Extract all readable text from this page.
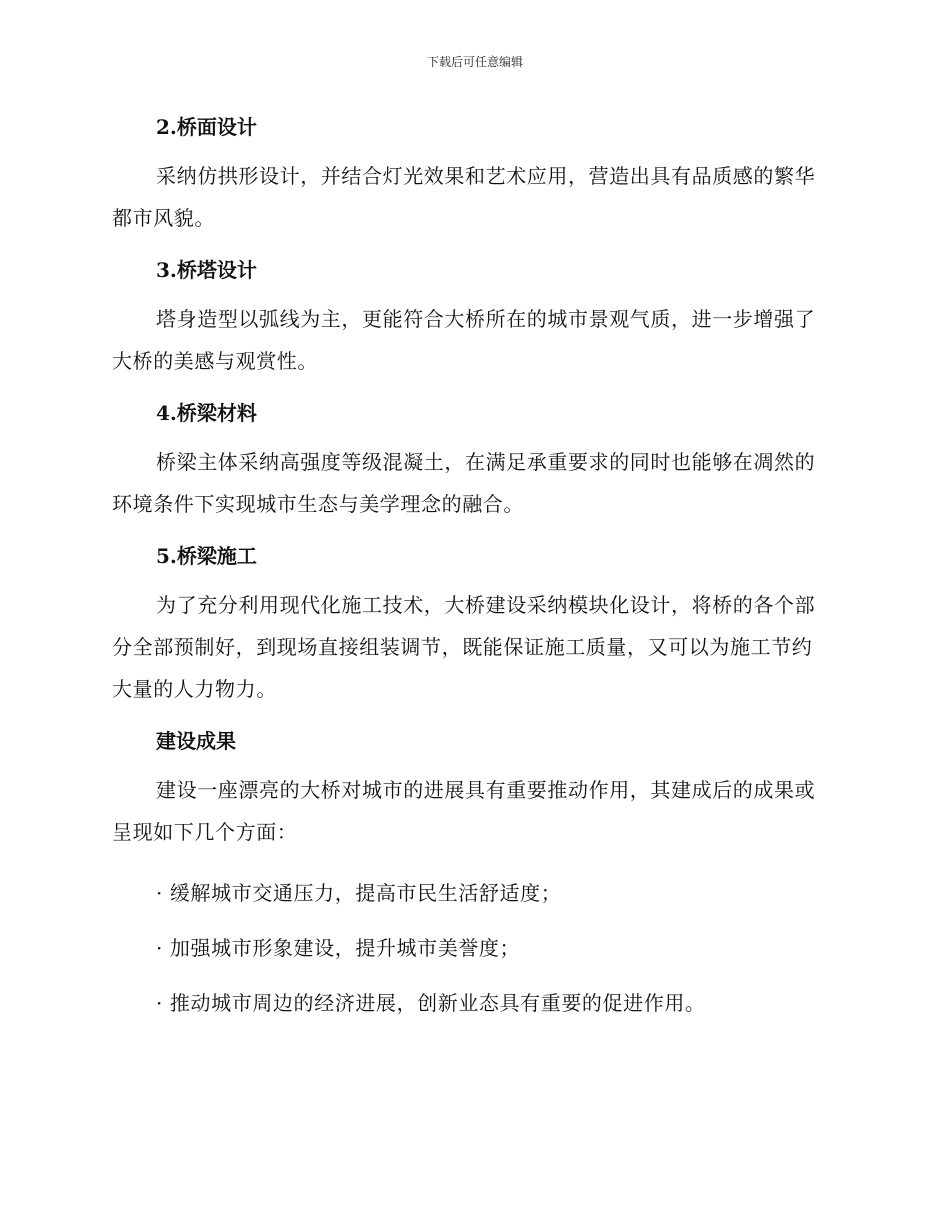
下载后可任意编辑
2.桥面设计

采纳仿拱形设计，并结合灯光效果和艺术应用，营造出具有品质感的繁华都市风貌。

3.桥塔设计

塔身造型以弧线为主，更能符合大桥所在的城市景观气质，进一步增强了大桥的美感与观赏性。

4.桥梁材料

桥梁主体采纳高强度等级混凝土，在满足承重要求的同时也能够在凋然的环境条件下实现城市生态与美学理念的融合。

5.桥梁施工

为了充分利用现代化施工技术，大桥建设采纳模块化设计，将桥的各个部分全部预制好，到现场直接组装调节，既能保证施工质量，又可以为施工节约大量的人力物力。

建设成果

建设一座漂亮的大桥对城市的进展具有重要推动作用，其建成后的成果或呈现如下几个方面：

· 缓解城市交通压力，提高市民生活舒适度；

· 加强城市形象建设，提升城市美誉度；

· 推动城市周边的经济进展，创新业态具有重要的促进作用。
